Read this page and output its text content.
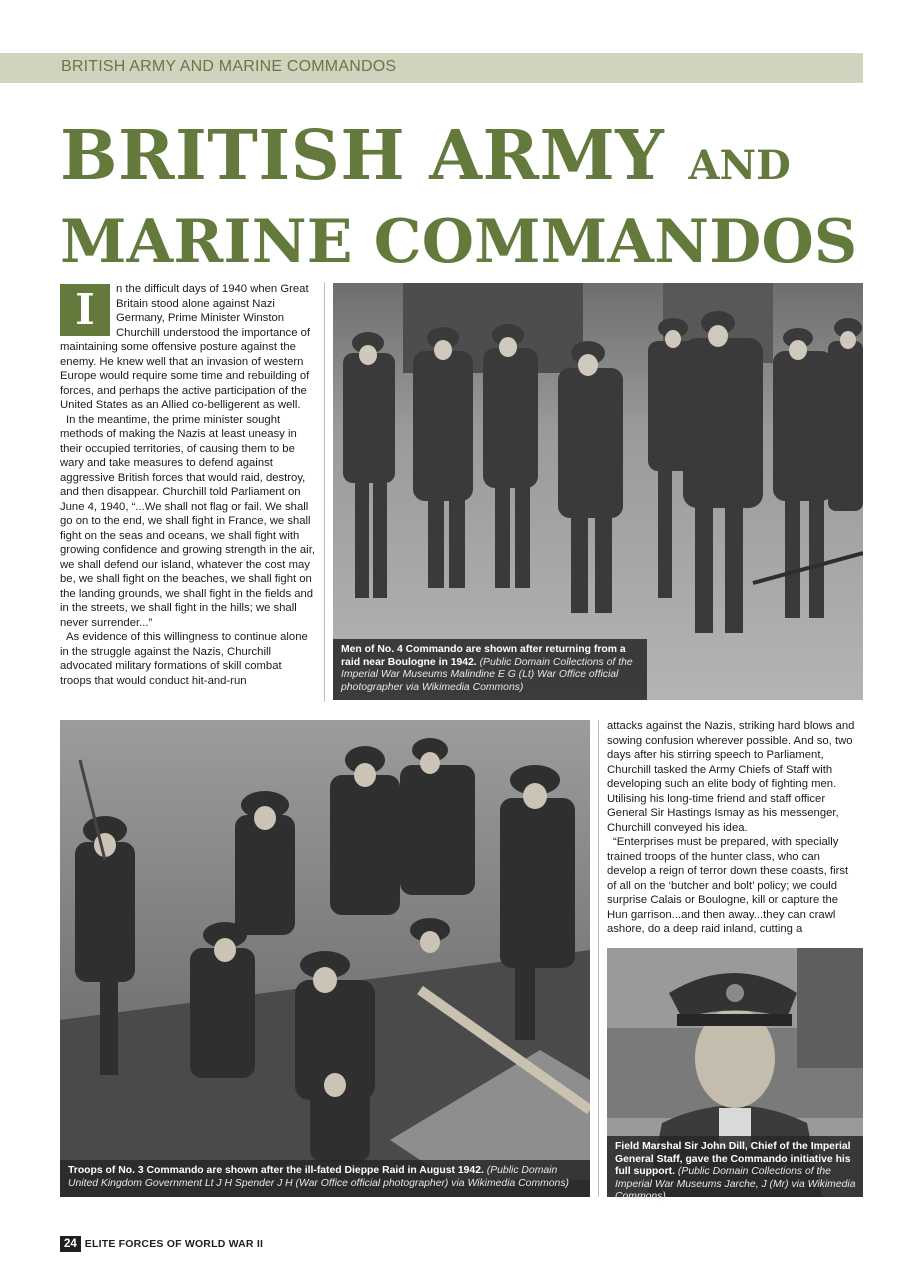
BRITISH ARMY AND MARINE COMMANDOS
BRITISH ARMY AND
MARINE COMMANDOS
I	n the difficult days of 1940 when Great Britain stood alone against Nazi Germany, Prime Minister Winston Churchill understood the importance of maintaining some offensive posture against the enemy. He knew well that an invasion of western Europe would require some time and rebuilding of forces, and perhaps the active participation of the United States as an Allied co-belligerent as well.

In the meantime, the prime minister sought methods of making the Nazis at least uneasy in their occupied territories, of causing them to be wary and take measures to defend against aggressive British forces that would raid, destroy, and then disappear. Churchill told Parliament on June 4, 1940, “...We shall not flag or fail. We shall go on to the end, we shall fight in France, we shall fight on the seas and oceans, we shall fight with growing confidence and growing strength in the air, we shall defend our island, whatever the cost may be, we shall fight on the beaches, we shall fight on the landing grounds, we shall fight in the fields and in the streets, we shall fight in the hills; we shall never surrender...”

As evidence of this willingness to continue alone in the struggle against the Nazis, Churchill advocated military formations of skill combat troops that would conduct hit-and-run

Men of No. 4 Commando are shown after returning from a raid near Boulogne in 1942. (Public Domain Collections of the Imperial War Museums Malindine E G (Lt) War Office official photographer via Wikimedia Commons)
Troops of No. 3 Commando are shown after the ill-fated Dieppe Raid in August 1942. (Public Domain United Kingdom Government Lt J H Spender J H (War Office official photographer) via Wikimedia Commons)

attacks against the Nazis, striking hard blows and sowing confusion wherever possible. And so, two days after his stirring speech to Parliament, Churchill tasked the Army Chiefs of Staff with developing such an elite body of fighting men. Utilising his long-time friend and staff officer General Sir Hastings Ismay as his messenger, Churchill conveyed his idea.

“Enterprises must be prepared, with specially trained troops of the hunter class, who can develop a reign of terror down these coasts, first of all on the ‘butcher and bolt’ policy; we could surprise Calais or Boulogne, kill or capture the Hun garrison...and then away...they can crawl ashore, do a deep raid inland, cutting a

Field Marshal Sir John Dill, Chief of the Imperial General Staff, gave the Commando initiative his full support. (Public Domain Collections of the Imperial War Museums Jarche, J (Mr) via Wikimedia Commons)
24 ELITE FORCES OF WORLD WAR II
